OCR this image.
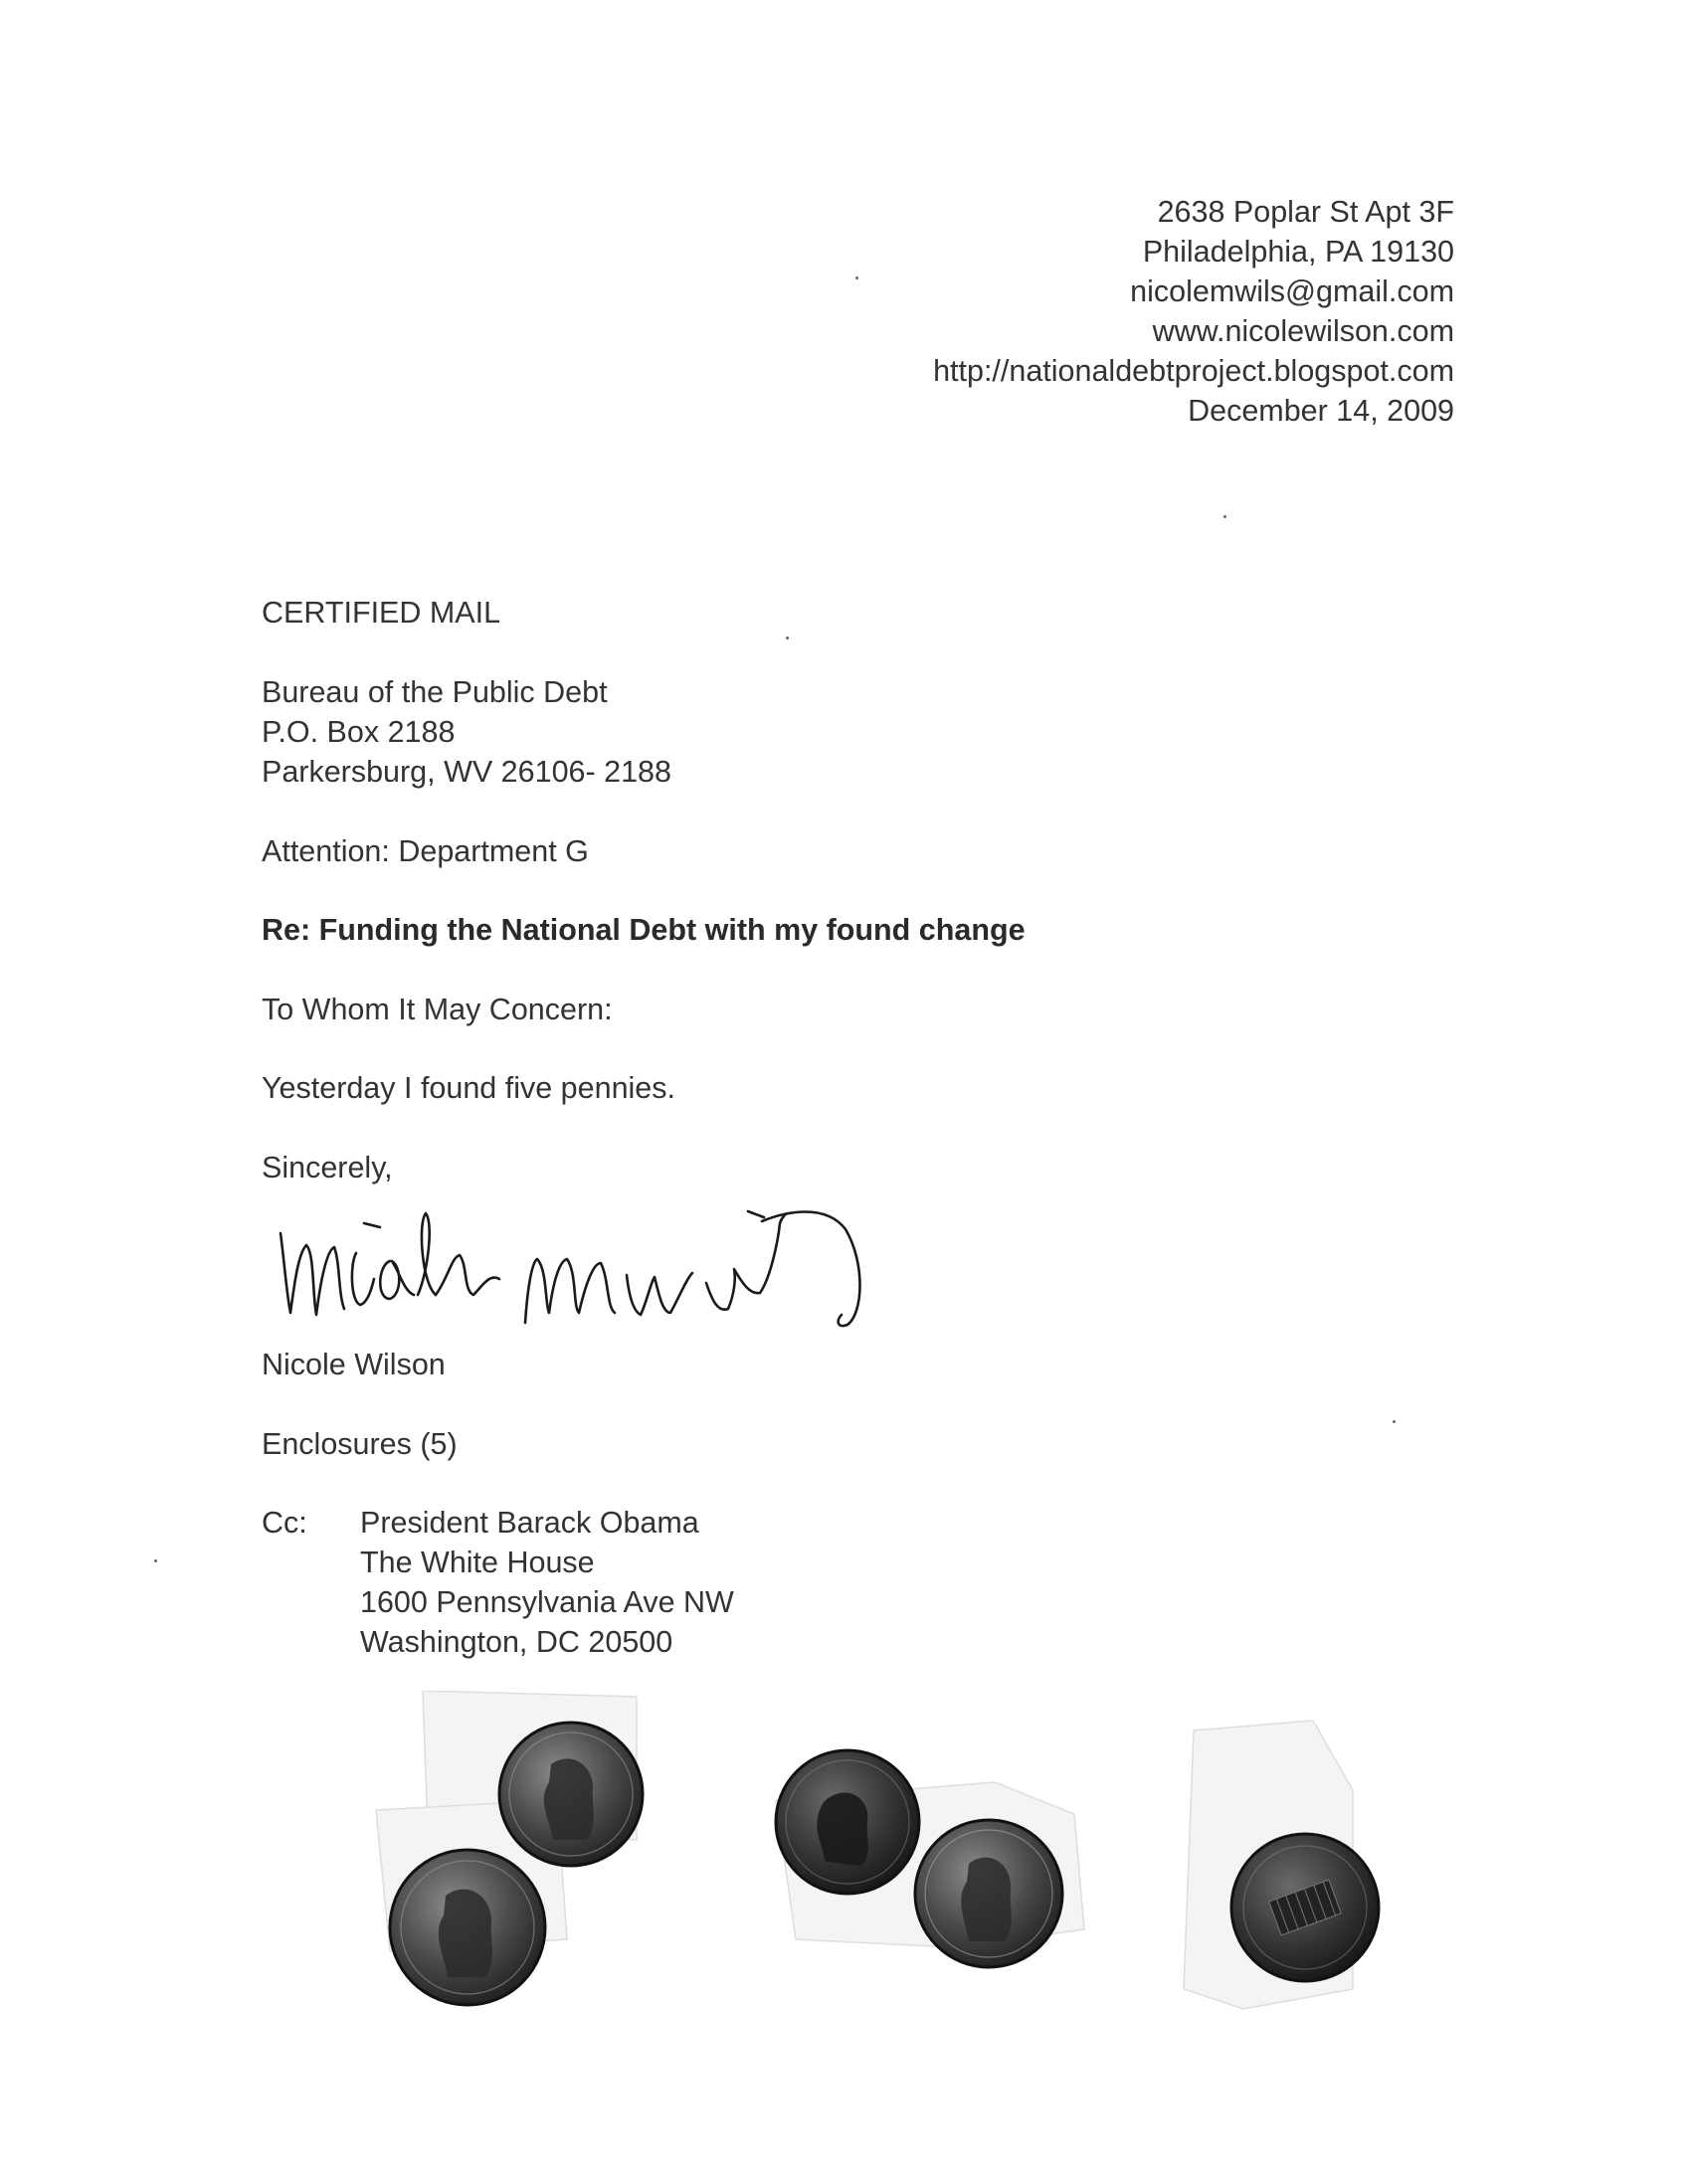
2638 Poplar St Apt 3F
Philadelphia, PA 19130
nicolemwils@gmail.com
www.nicolewilson.com
http://nationaldebtproject.blogspot.com
December 14, 2009
CERTIFIED MAIL
Bureau of the Public Debt
P.O. Box 2188
Parkersburg, WV 26106- 2188
Attention: Department G
Re: Funding the National Debt with my found change
To Whom It May Concern:
Yesterday I found five pennies.
Sincerely,
Nicole Wilson
Enclosures (5)
Cc: President Barack Obama
The White House
1600 Pennsylvania Ave NW
Washington, DC 20500
